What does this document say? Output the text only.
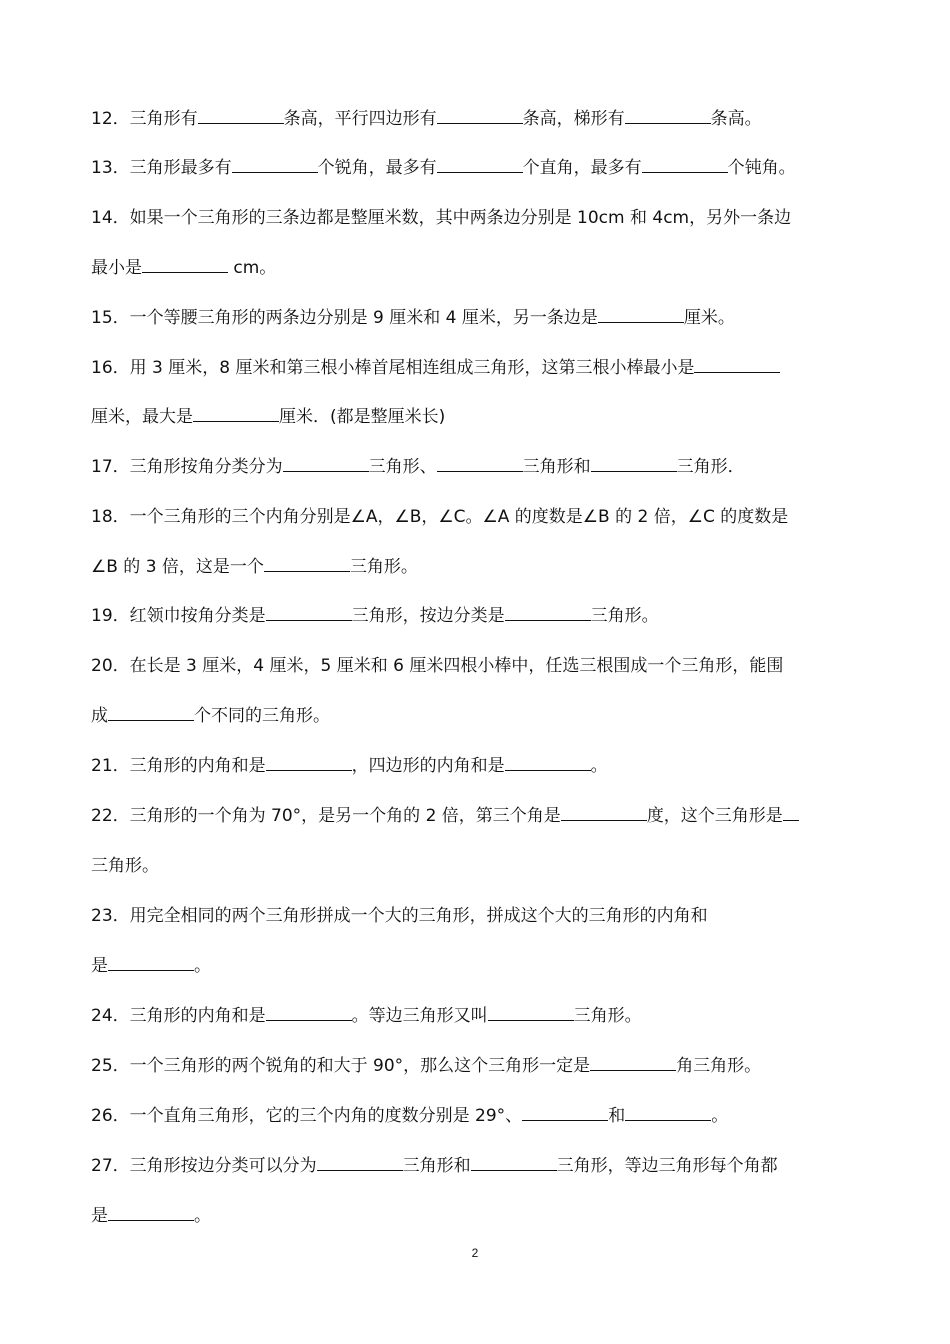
12．三角形有	条高，平行四边形有	条高，梯形有	条高。
13．三角形最多有	个锐角，最多有	个直角，最多有	个钝角。
14．如果一个三角形的三条边都是整厘米数，其中两条边分别是 10cm 和 4cm，另外一条边
最小是	cm。
15．一个等腰三角形的两条边分别是 9 厘米和 4 厘米，另一条边是	厘米。
16．用 3 厘米，8 厘米和第三根小棒首尾相连组成三角形，这第三根小棒最小是
厘米，最大是	厘米．(都是整厘米长)
17．三角形按角分类分为	三角形、	三角形和	三角形．
18．一个三角形的三个内角分别是∠A，∠B，∠C。∠A 的度数是∠B 的 2 倍，∠C 的度数是
∠B 的 3 倍，这是一个	三角形。
19．红领巾按角分类是	三角形，按边分类是	三角形。
20．在长是 3 厘米，4 厘米，5 厘米和 6 厘米四根小棒中，任选三根围成一个三角形，能围
成	个不同的三角形。
21．三角形的内角和是	，四边形的内角和是	。
22．三角形的一个角为 70°，是另一个角的 2 倍，第三个角是	度，这个三角形是
三角形。
23．用完全相同的两个三角形拼成一个大的三角形，拼成这个大的三角形的内角和
是	。
24．三角形的内角和是	。等边三角形又叫	三角形。
25．一个三角形的两个锐角的和大于 90°，那么这个三角形一定是	角三角形。
26．一个直角三角形，它的三个内角的度数分别是 29°、	和	。
27．三角形按边分类可以分为	三角形和	三角形，等边三角形每个角都
是	。
2
